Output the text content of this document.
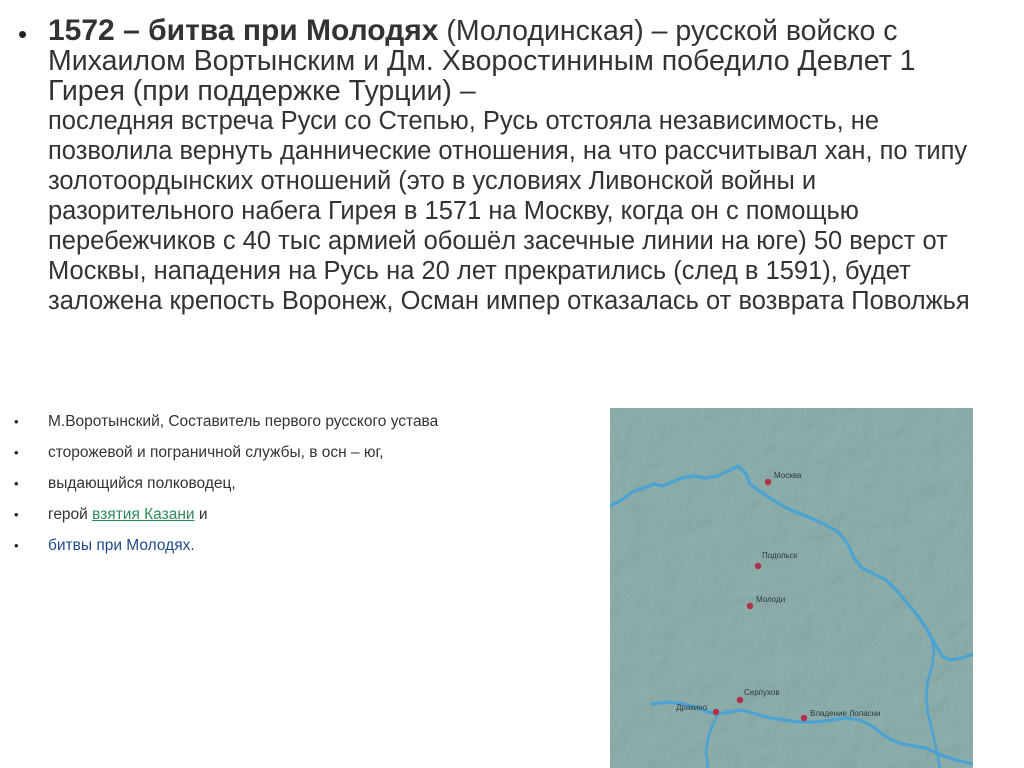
• 1572 – битва при Молодях (Молодинская) – русской войско с Михаилом Вортынским и Дм. Хворостининым победило Девлет 1 Гирея (при поддержке Турции) –
последняя встреча Руси со Степью, Русь отстояла независимость, не позволила вернуть даннические отношения, на что рассчитывал хан, по типу золотоордынских отношений (это в условиях Ливонской войны и разорительного набега Гирея в 1571 на Москву, когда он с помощью перебежчиков с 40 тыс армией обошёл засечные линии на юге) 50 верст от Москвы, нападения на Русь на 20 лет прекратились (след в 1591), будет заложена крепость Воронеж, Осман импер отказалась от возврата Поволжья
•	М.Воротынский, Составитель первого русского устава
•	сторожевой и пограничной службы, в осн – юг,
•	выдающийся полководец,
•	герой взятия Казани и
•	битвы при Молодях.
Москва
Подольск
Молоди
Серпухов
Дракино
Владение Лопасни
